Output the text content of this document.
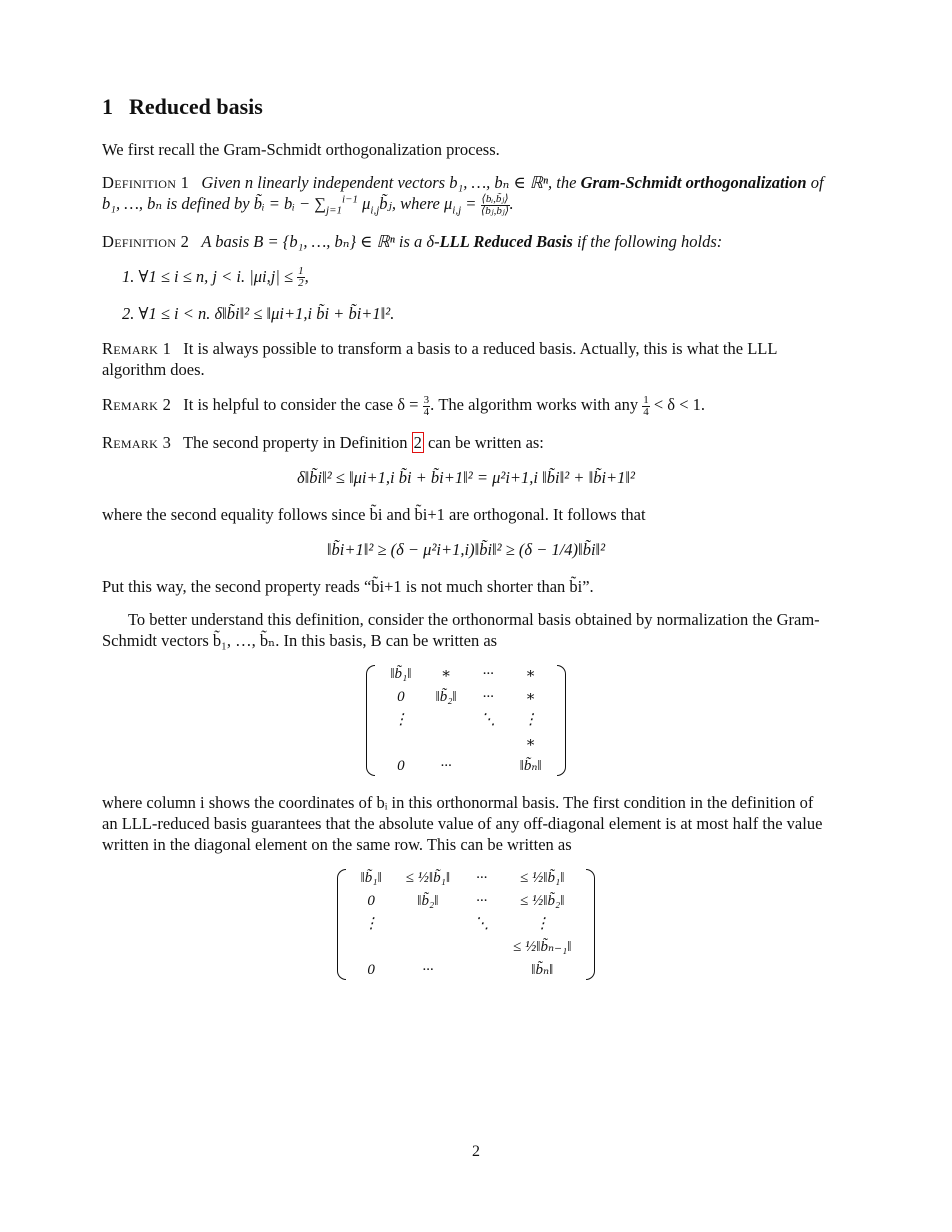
1 Reduced basis

We first recall the Gram-Schmidt orthogonalization process.

Definition 1 Given n linearly independent vectors b₁, …, bₙ ∈ ℝⁿ, the Gram-Schmidt orthogonalization of b₁, …, bₙ is defined by b̃ᵢ = bᵢ − $\sum_{j=1}^{i-1}$ $\mu_{i,j}b̃ⱼ$, where $\mu_{i,j} = \frac{\text{⟨bᵢ,b̃ⱼ⟩}}{\text{⟨b̃ⱼ,b̃ⱼ⟩}}$ .
Definition 2 A basis B = {b₁, …, bₙ} ∈ ℝⁿ is a δ-LLL Reduced Basis if the following holds:
1. ∀1 ≤ i ≤ n, j < i. $|\mu i,j| \le \frac{1}{2}$ ,
2. ∀1 ≤ i < n. δ‖b̃i‖² ≤ ‖μi+1,i b̃i + b̃i+1‖².
Remark 1 It is always possible to transform a basis to a reduced basis. Actually, this is what the LLL algorithm does.
Remark 2 It is helpful to consider the case $\delta = \frac{3}{4}$ . The algorithm works with any $\frac{1}{4} < \delta < 1$.
Remark 3 The second property in Definition 2 can be written as:
δ‖b̃i‖² ≤ ‖μi+1,i b̃i + b̃i+1‖² = μ²i+1,i ‖b̃i‖² + ‖b̃i+1‖²

where the second equality follows since b̃i and b̃i+1 are orthogonal. It follows that

‖b̃i+1‖² ≥ (δ − μ²i+1,i)‖b̃i‖² ≥ (δ − 1/4)‖b̃i‖²

Put this way, the second property reads “b̃i+1 is not much shorter than b̃i”.

To better understand this definition, consider the orthonormal basis obtained by normalization the Gram-Schmidt vectors b̃₁, …, b̃ₙ. In this basis, B can be written as

‖b̃₁‖	∗	···	∗
0	‖b̃₂‖	···	∗
⋮		⋱	⋮
			∗
0	···		‖b̃ₙ‖

where column i shows the coordinates of bᵢ in this orthonormal basis. The first condition in the definition of an LLL-reduced basis guarantees that the absolute value of any off-diagonal element is at most half the value written in the diagonal element on the same row. This can be written as

‖b̃₁‖	≤ ½‖b̃₁‖	···	≤ ½‖b̃₁‖
0	‖b̃₂‖	···	≤ ½‖b̃₂‖
⋮		⋱	⋮
			≤ ½‖b̃ₙ₋₁‖
0	···		‖b̃ₙ‖
2
